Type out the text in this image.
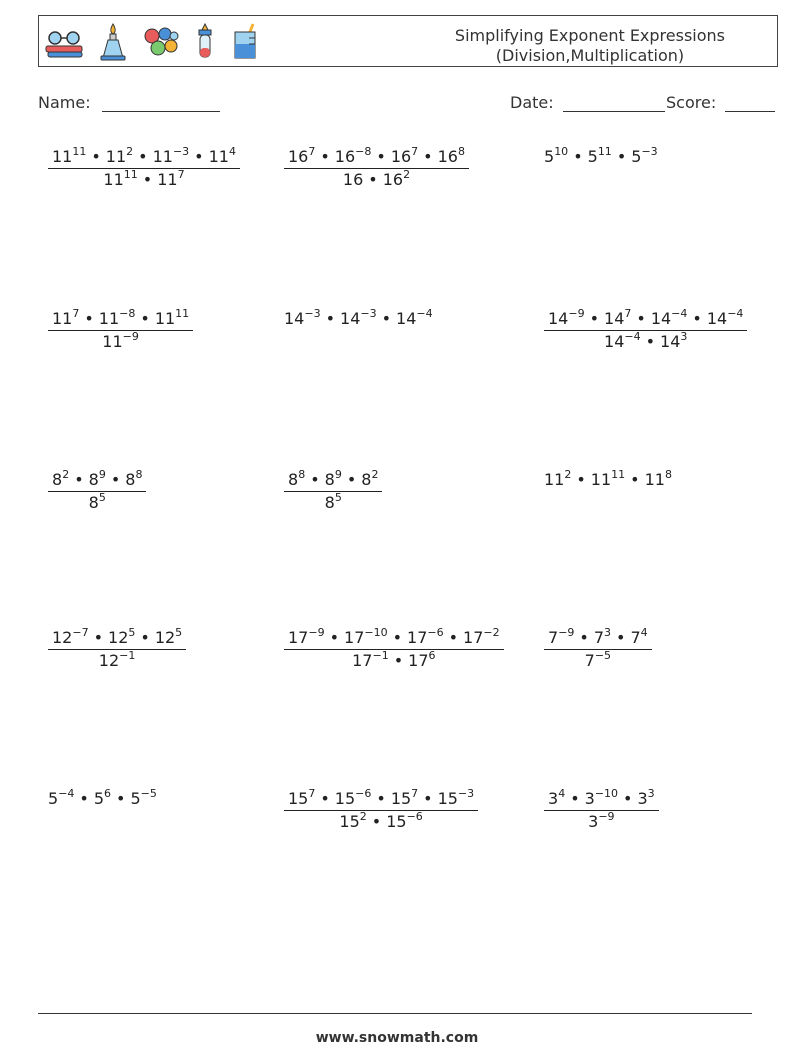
Simplifying Exponent Expressions
(Division,Multiplication)
Name:	Date:	Score:
$\frac{11^{11} • 11^2 • 11^{-3} • 11^4}{11^{11} • 11^7}$	$\frac{16^7 • 16^{-8} • 16^7 • 16^8}{16 • 16^2}$	$5^{10}$ • $5^{11}$ • $5^{-3}$
$\frac{11^7 • 11^{-8} • 11^{11}}{11^{-9}}$	$14^{-3}$ • $14^{-3}$ • $14^{-4}$	$\frac{14^{-9} • 14^7 • 14^{-4} • 14^{-4}}{14^{-4} • 14^3}$
$\frac{8^2 • 8^9 • 8^8}{8^5}$	$\frac{8^8 • 8^9 • 8^2}{8^5}$	$11^2$ • $11^{11}$ • $11^8$
$\frac{12^{-7} • 12^5 • 12^5}{12^{-1}}$	$\frac{17^{-9} • 17^{-10} • 17^{-6} • 17^{-2}}{17^{-1} • 17^6}$	$\frac{7^{-9} • 7^3 • 7^4}{7^{-5}}$
$5^{-4}$ • $5^6$ • $5^{-5}$	$\frac{15^7 • 15^{-6} • 15^7 • 15^{-3}}{15^2 • 15^{-6}}$	$\frac{3^4 • 3^{-10} • 3^3}{3^{-9}}$
www.snowmath.com
